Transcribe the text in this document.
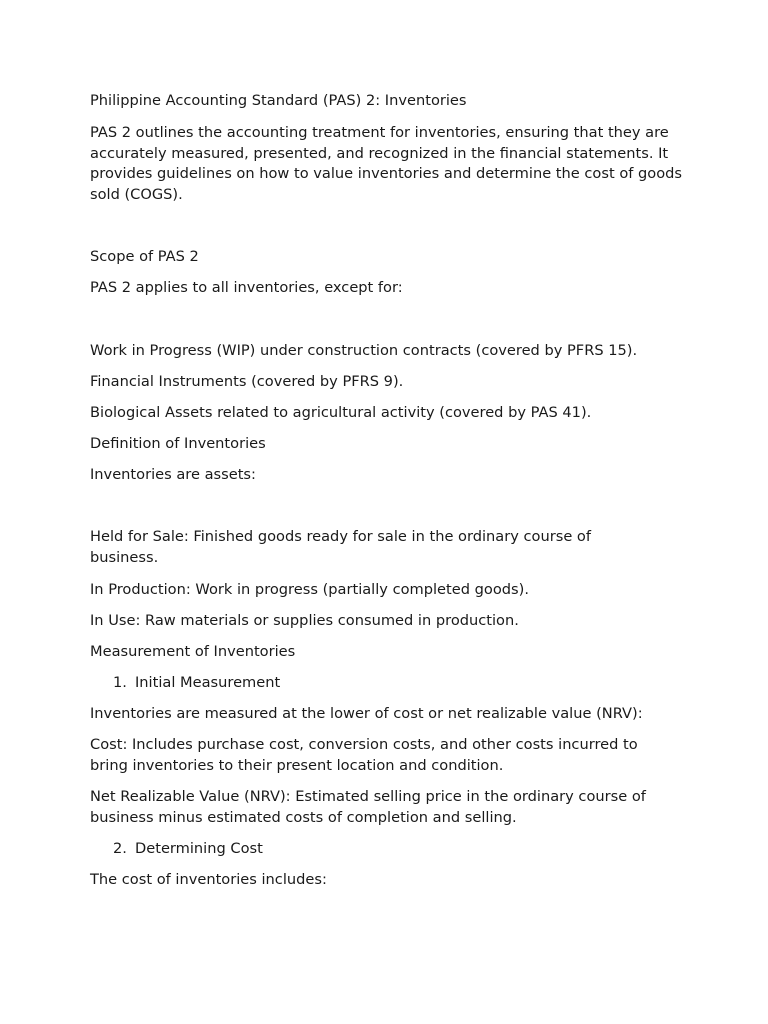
Philippine Accounting Standard (PAS) 2: Inventories
PAS 2 outlines the accounting treatment for inventories, ensuring that they are accurately measured, presented, and recognized in the financial statements. It provides guidelines on how to value inventories and determine the cost of goods sold (COGS).
Scope of PAS 2
PAS 2 applies to all inventories, except for:
Work in Progress (WIP) under construction contracts (covered by PFRS 15).
Financial Instruments (covered by PFRS 9).
Biological Assets related to agricultural activity (covered by PAS 41).
Definition of Inventories
Inventories are assets:
Held for Sale: Finished goods ready for sale in the ordinary course of business.
In Production: Work in progress (partially completed goods).
In Use: Raw materials or supplies consumed in production.
Measurement of Inventories
1. Initial Measurement
Inventories are measured at the lower of cost or net realizable value (NRV):
Cost: Includes purchase cost, conversion costs, and other costs incurred to bring inventories to their present location and condition.
Net Realizable Value (NRV): Estimated selling price in the ordinary course of business minus estimated costs of completion and selling.
2. Determining Cost
The cost of inventories includes:
